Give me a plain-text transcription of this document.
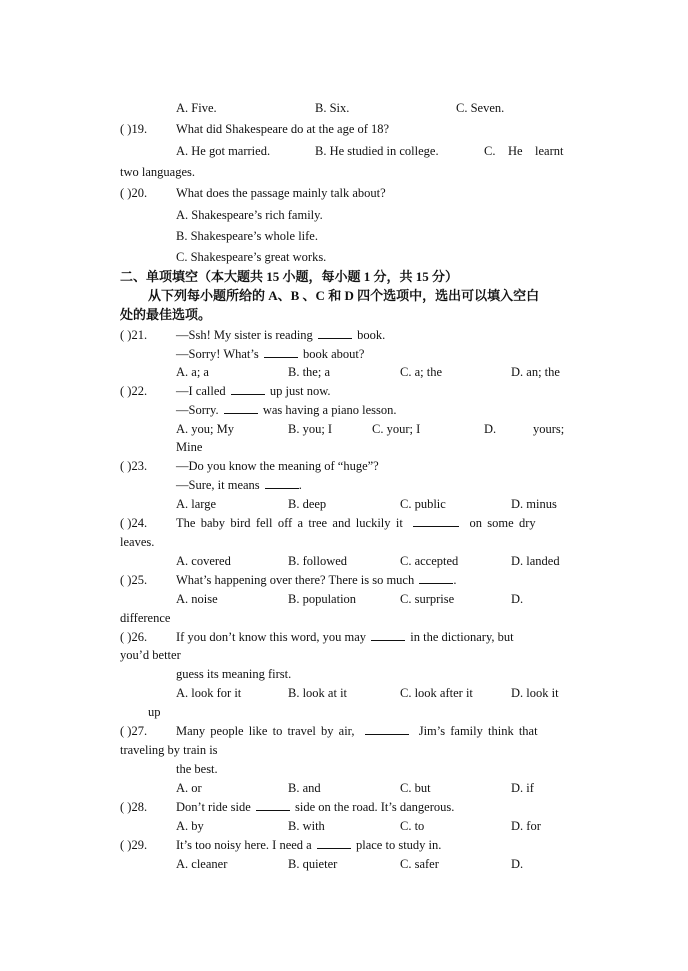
A. Five.	B. Six.	C. Seven.
( )19. What did Shakespeare do at the age of 18?
A. He got married.	B. He studied in college.	C.    He    learnt
two languages.
( )20. What does the passage mainly talk about?
A. Shakespeare’s rich family.
B. Shakespeare’s whole life.
C. Shakespeare’s great works.
二、单项填空（本大题共 15 小题，每小题 1 分，共 15 分）
从下列每小题所给的 A、B 、C 和 D 四个选项中，选出可以填入空白
处的最佳选项。
( )21. —Ssh! My sister is reading	book.
—Sorry! What’s	book about?
A. a; a	B. the; a	C. a; the	D. an; the
( )22. —I called	up just now.
—Sorry.	was having a piano lesson.
A. you; My	B. you; I	C. your; I	D.	yours;
Mine
( )23. —Do you know the meaning of “huge”?
—Sure, it means	.
A. large	B. deep	C. public	D. minus
( )24. The baby bird fell off a tree and luckily it	on some dry
leaves.
A. covered	B. followed	C. accepted	D. landed
( )25. What’s happening over there? There is so much	.
A. noise	B. population	C. surprise	D.
difference
( )26. If you don’t know this word, you may	in the dictionary, but
you’d better
guess its meaning first.
A. look for it	B. look at it	C. look after it	D. look it
up
( )27. Many people like to travel by air,	Jim’s family think that
traveling by train is
the best.
A. or	B. and	C. but	D. if
( )28. Don’t ride side	side on the road. It’s dangerous.
A. by	B. with	C. to	D. for
( )29. It’s too noisy here. I need a	place to study in.
A. cleaner	B. quieter	C. safer	D.
